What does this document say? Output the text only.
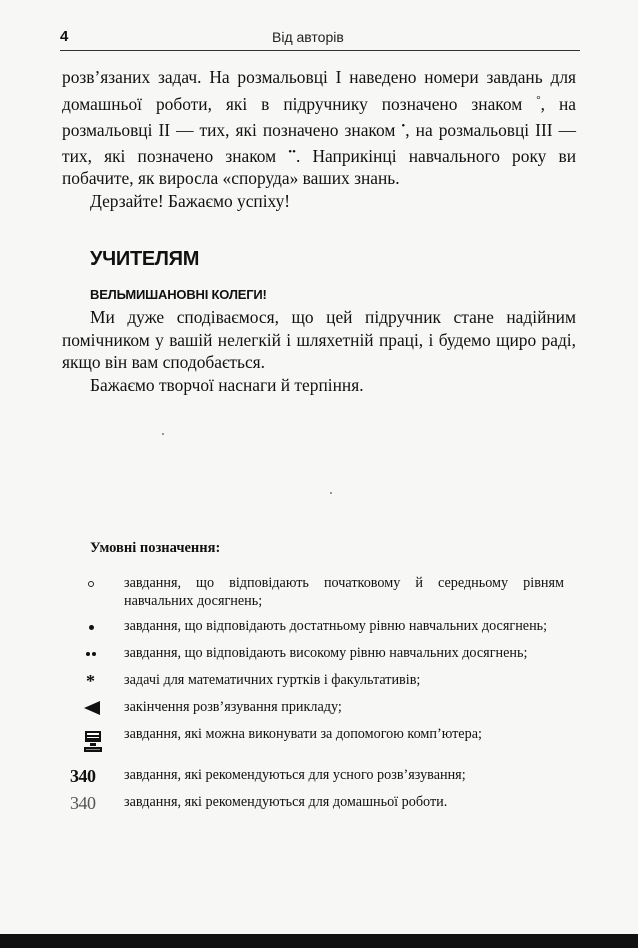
4	Від авторів

розв’язаних задач. На розмальовці I наведено номери завдань для домашньої роботи, які в підручнику позначено знаком °, на розмальовці II — тих, які позначено знаком •, на розмальовці III — тих, які позначено знаком ••. Наприкінці навчального року ви побачите, як виросла «споруда» ваших знань.

Дерзайте! Бажаємо успіху!

УЧИТЕЛЯМ
ВЕЛЬМИШАНОВНІ КОЛЕГИ!

Ми дуже сподіваємося, що цей підручник стане надійним помічником у вашій нелегкій і шляхетній праці, і будемо щиро раді, якщо він вам сподобається.

Бажаємо творчої наснаги й терпіння.

Умовні позначення:
завдання, що відповідають початковому й середньому рівням навчальних досягнень;
завдання, що відповідають достатньому рівню навчальних досягнень;
завдання, що відповідають високому рівню навчальних досягнень;
* задачі для математичних гуртків і факультативів;
закінчення розв’язування прикладу;
завдання, які можна виконувати за допомогою комп’ютера;
340 завдання, які рекомендуються для усного розв’язування;
340 завдання, які рекомендуються для домашньої роботи.
